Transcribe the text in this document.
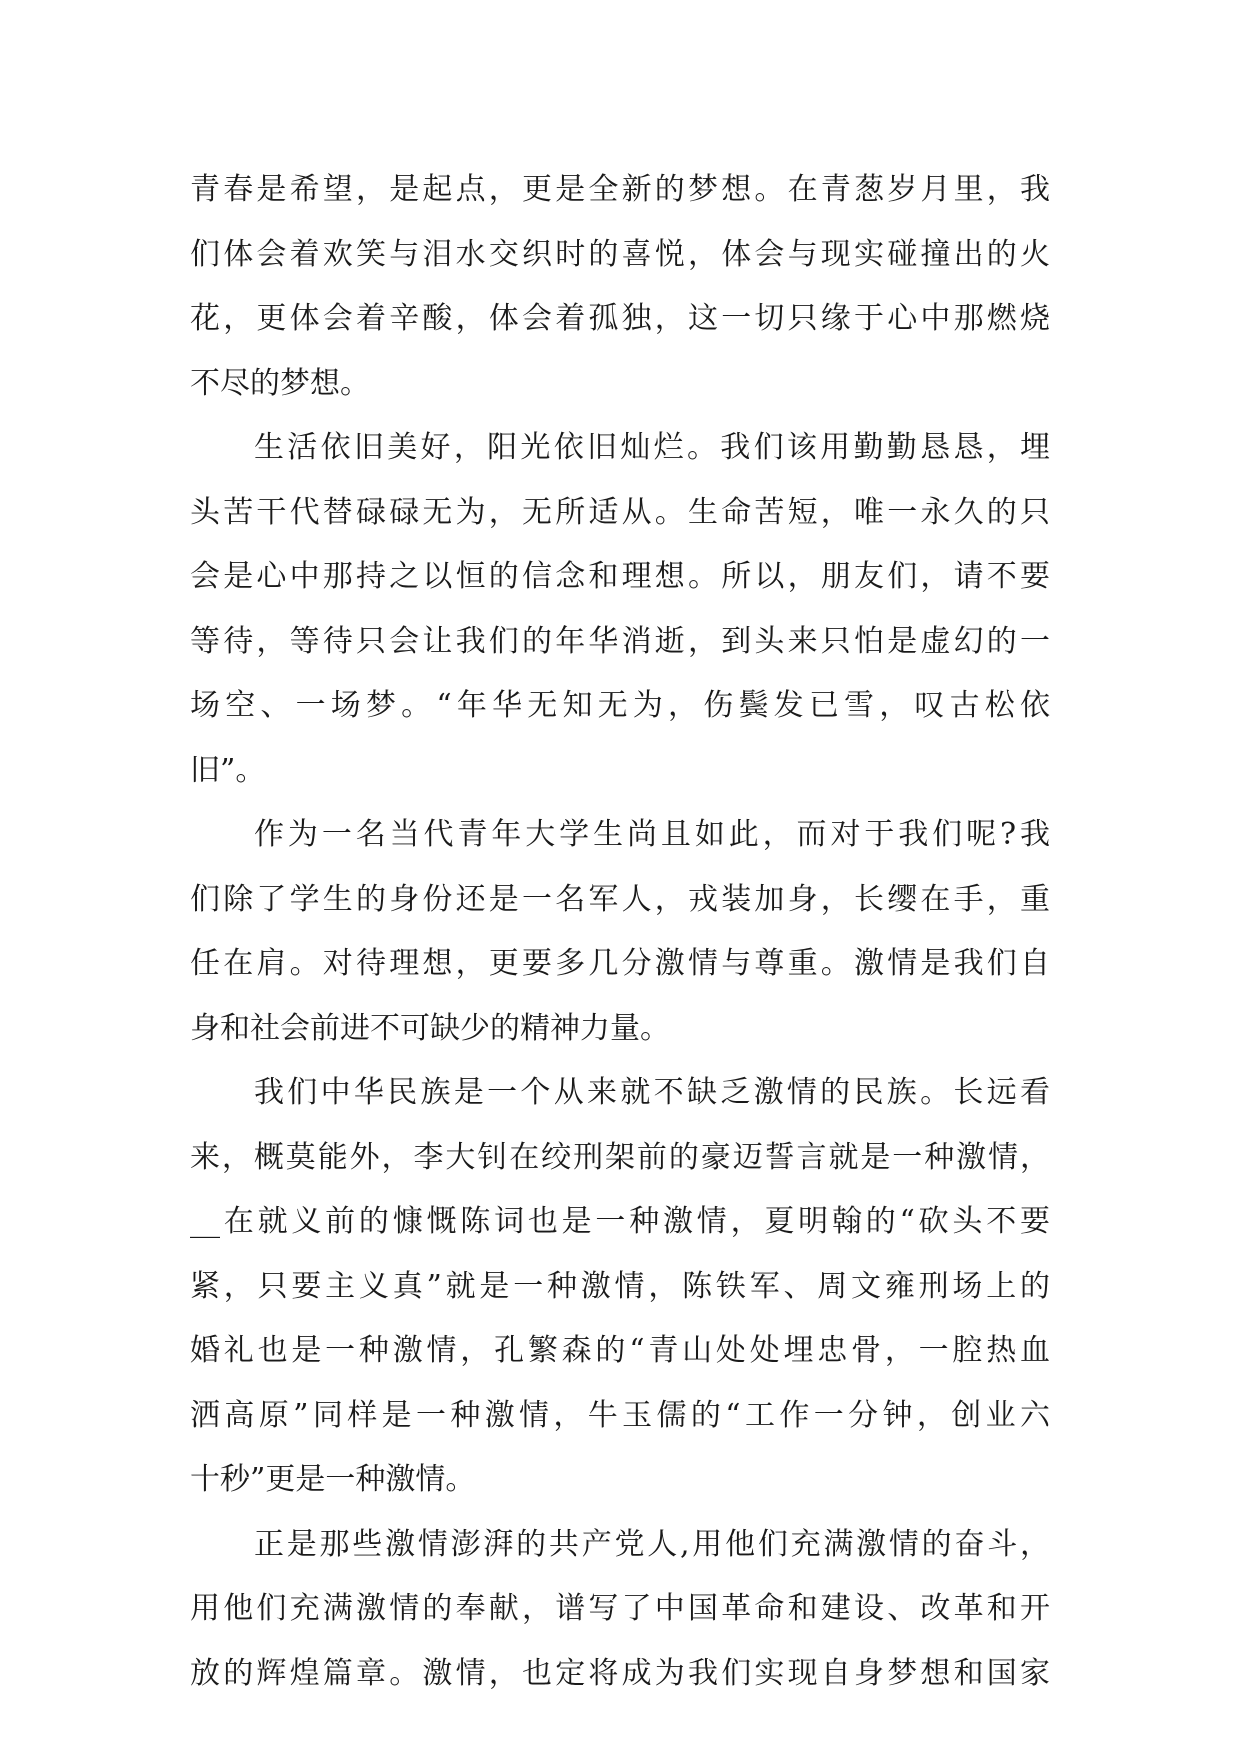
青春是希望，是起点，更是全新的梦想。在青葱岁月里，我
们体会着欢笑与泪水交织时的喜悦，体会与现实碰撞出的火
花，更体会着辛酸，体会着孤独，这一切只缘于心中那燃烧
不尽的梦想。
生活依旧美好，阳光依旧灿烂。我们该用勤勤恳恳，埋
头苦干代替碌碌无为，无所适从。生命苦短，唯一永久的只
会是心中那持之以恒的信念和理想。所以，朋友们，请不要
等待，等待只会让我们的年华消逝，到头来只怕是虚幻的一
场空、一场梦。“年华无知无为，伤鬓发已雪，叹古松依
旧”。
作为一名当代青年大学生尚且如此，而对于我们呢?我
们除了学生的身份还是一名军人，戎装加身，长缨在手，重
任在肩。对待理想，更要多几分激情与尊重。激情是我们自
身和社会前进不可缺少的精神力量。
我们中华民族是一个从来就不缺乏激情的民族。长远看
来，概莫能外，李大钊在绞刑架前的豪迈誓言就是一种激情，
__在就义前的慷慨陈词也是一种激情，夏明翰的“砍头不要
紧，只要主义真”就是一种激情，陈铁军、周文雍刑场上的
婚礼也是一种激情，孔繁森的“青山处处埋忠骨，一腔热血
洒高原”同样是一种激情，牛玉儒的“工作一分钟，创业六
十秒”更是一种激情。
正是那些激情澎湃的共产党人,用他们充满激情的奋斗，
用他们充满激情的奉献，谱写了中国革命和建设、改革和开
放的辉煌篇章。激情，也定将成为我们实现自身梦想和国家
